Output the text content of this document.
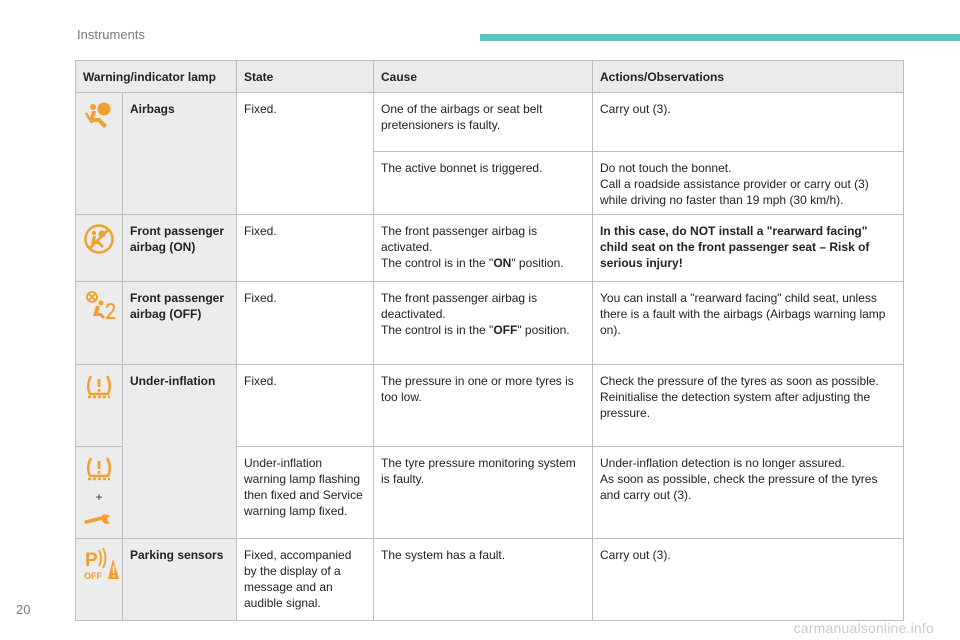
Instruments
Warning/indicator lamp		State	Cause	Actions/Observations

	Airbags	Fixed.	One of the airbags or seat belt pretensioners is faulty.	Carry out (3).
			The active bonnet is triggered.	Do not touch the bonnet.
Call a roadside assistance provider or carry out (3) while driving no faster than 19 mph (30 km/h).

	Front passenger airbag (ON)	Fixed.	The front passenger airbag is activated.
The control is in the "ON" position.	In this case, do NOT install a "rearward facing" child seat on the front passenger seat – Risk of serious injury!

	Front passenger airbag (OFF)	Fixed.	The front passenger airbag is deactivated.
The control is in the "OFF" position.	You can install a "rearward facing" child seat, unless there is a fault with the airbags (Airbags warning lamp on).

	Under-inflation	Fixed.	The pressure in one or more tyres is too low.	Check the pressure of the tyres as soon as possible.
Reinitialise the detection system after adjusting the pressure.

+		Under-inflation warning lamp flashing then fixed and Service warning lamp fixed.	The tyre pressure monitoring system is faulty.	Under-inflation detection is no longer assured.
As soon as possible, check the pressure of the tyres and carry out (3).

P
OFF	Parking sensors	Fixed, accompanied by the display of a message and an audible signal.	The system has a fault.	Carry out (3).
20
carmanualsonline.info
